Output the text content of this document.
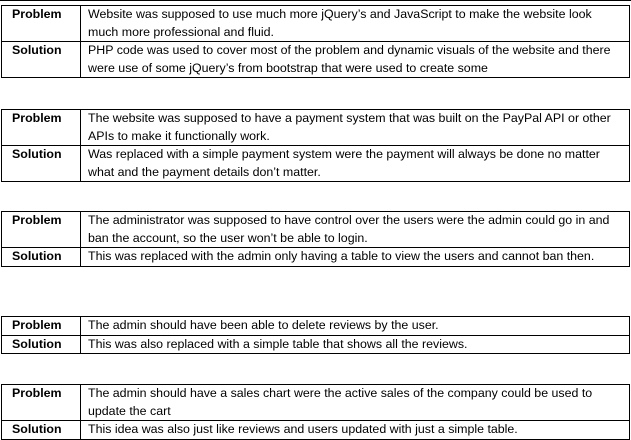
Problem	Website was supposed to use much more jQuery’s and JavaScript to make the website look much more professional and fluid.
Solution	PHP code was used to cover most of the problem and dynamic visuals of the website and there were use of some jQuery’s from bootstrap that were used to create some
Problem	The website was supposed to have a payment system that was built on the PayPal API or other APIs to make it functionally work.
Solution	Was replaced with a simple payment system were the payment will always be done no matter what and the payment details don’t matter.
Problem	The administrator was supposed to have control over the users were the admin could go in and ban the account, so the user won’t be able to login.
Solution	This was replaced with the admin only having a table to view the users and cannot ban then.
Problem	The admin should have been able to delete reviews by the user.
Solution	This was also replaced with a simple table that shows all the reviews.
Problem	The admin should have a sales chart were the active sales of the company could be used to update the cart
Solution	This idea was also just like reviews and users updated with just a simple table.
